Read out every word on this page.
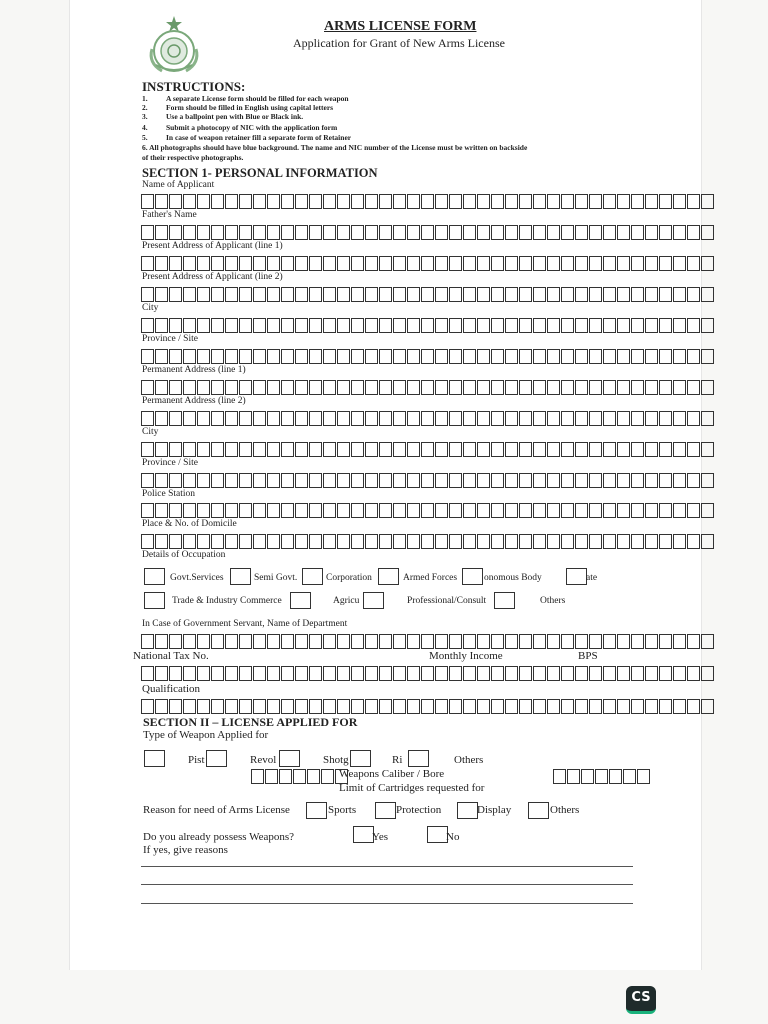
ARMS LICENSE FORM
Application for Grant of New Arms License
INSTRUCTIONS:
1. A separate License form should be filled for each weapon
2. Form should be filled in English using capital letters
3. Use a ballpoint pen with Blue or Black ink.
4. Submit a photocopy of NIC with the application form
5. In case of weapon retainer fill a separate form of Retainer
6. All photographs should have blue background. The name and NIC number of the License must be written on backside
of their respective photographs.
SECTION 1- PERSONAL INFORMATION
Name of Applicant
Father's Name
Present Address of Applicant (line 1)
Present Address of Applicant (line 2)
City
Province / Site
Permanent Address (line 1)
Permanent Address (line 2)
City
Province / Site
Police Station
Place & No. of Domicile
Details of Occupation
Govt.Services	Semi Govt.	Corporation	Armed Forces	onomous Body	ate
Trade & Industry Commerce	Agricu	Professional/Consult	Others
In Case of Government Servant, Name of Department
National Tax No.	Monthly Income	BPS
Qualification
SECTION II – LICENSE APPLIED FOR
Type of Weapon Applied for
Pist	Revol	Shotg	Ri	Others
Weapons Caliber / Bore
Limit of Cartridges requested for
Reason for need of Arms License	Sports	Protection	Display	Others
Do you already possess Weapons?	Yes	No
If yes, give reasons
CS
